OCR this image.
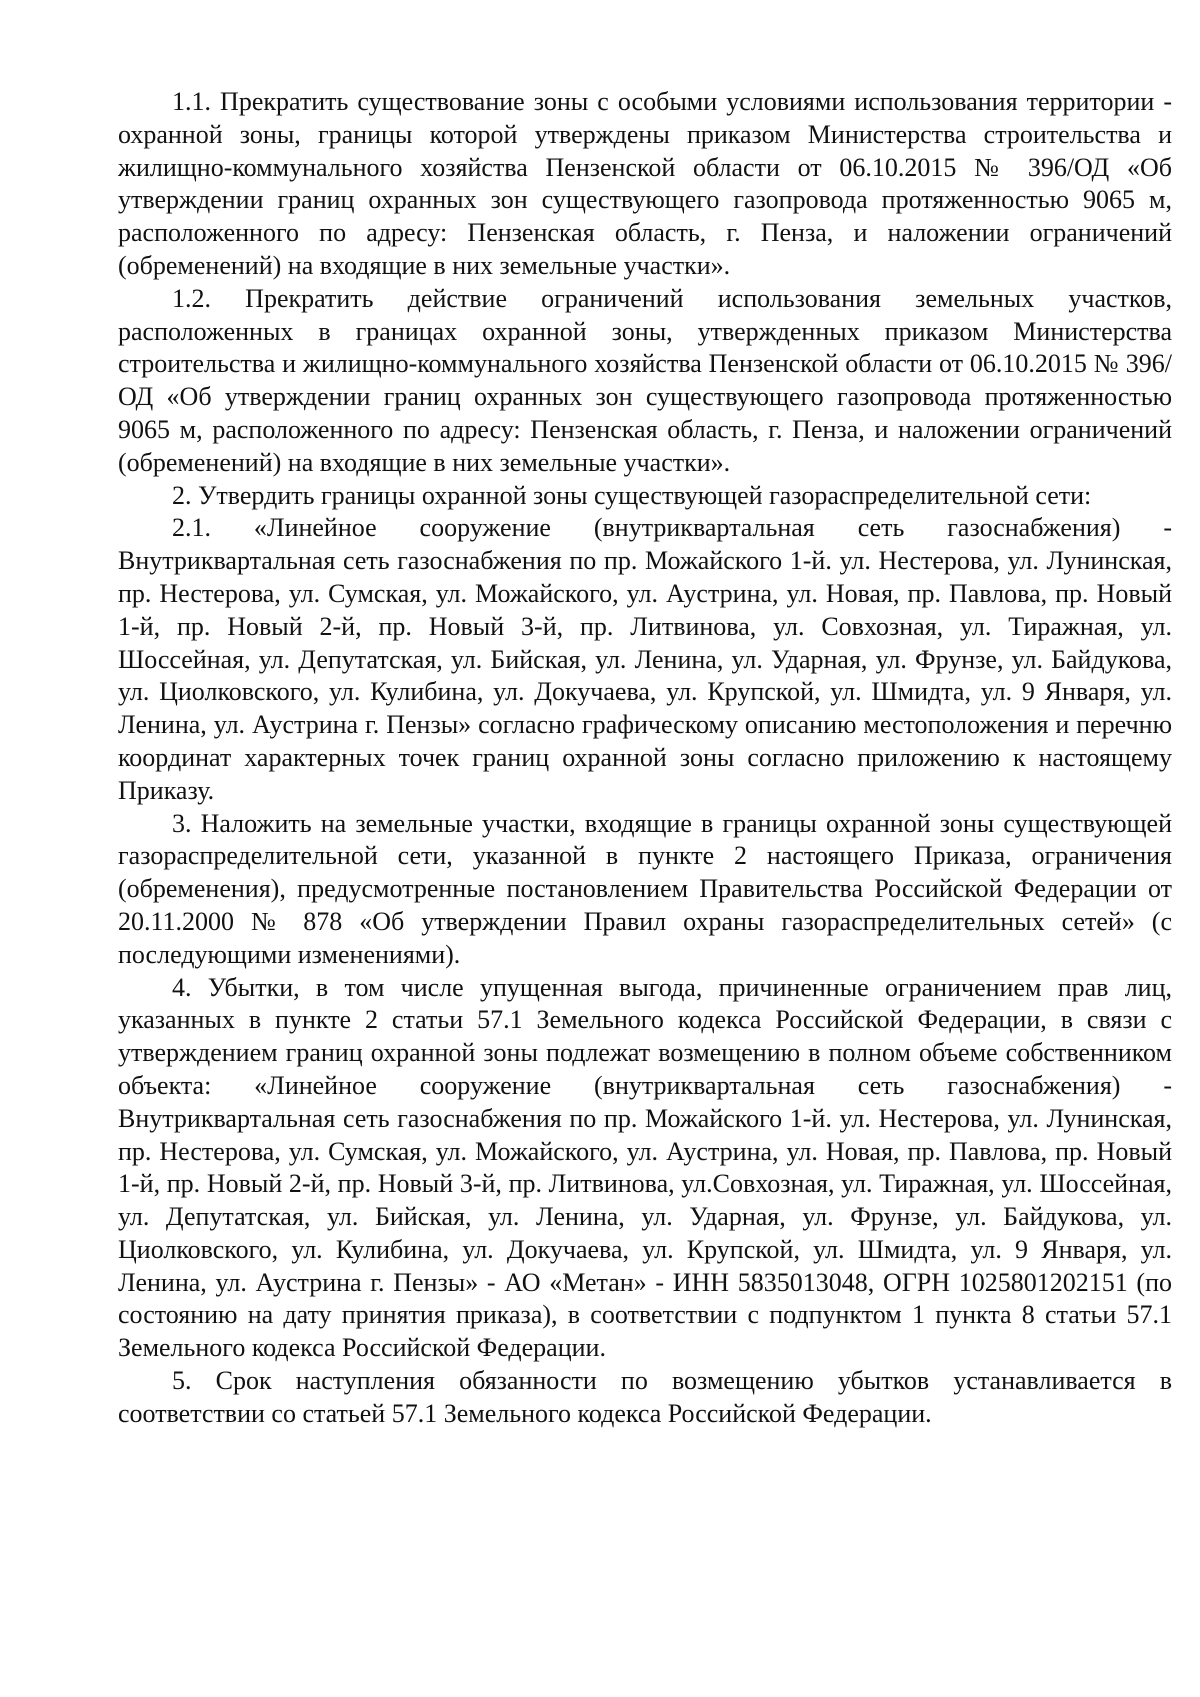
1.1. Прекратить существование зоны с особыми условиями использования территории - охранной зоны, границы которой утверждены приказом Министерства строительства и жилищно-коммунального хозяйства Пензенской области от 06.10.2015 № 396/ОД «Об утверждении границ охранных зон существующего газопровода протяженностью 9065 м, расположенного по адресу: Пензенская область, г. Пенза, и наложении ограничений (обременений) на входящие в них земельные участки».

1.2. Прекратить действие ограничений использования земельных участков, расположенных в границах охранной зоны, утвержденных приказом Министерства строительства и жилищно-коммунального хозяйства Пензенской области от 06.10.2015 № 396/ОД «Об утверждении границ охранных зон существующего газопровода протяженностью 9065 м, расположенного по адресу: Пензенская область, г. Пенза, и наложении ограничений (обременений) на входящие в них земельные участки».

2. Утвердить границы охранной зоны существующей газораспределительной сети:

2.1. «Линейное сооружение (внутриквартальная сеть газоснабжения) - Внутриквартальная сеть газоснабжения по пр. Можайского 1-й. ул. Нестерова, ул. Лунинская, пр. Нестерова, ул. Сумская, ул. Можайского, ул. Аустрина, ул. Новая, пр. Павлова, пр. Новый 1-й, пр. Новый 2-й, пр. Новый 3-й, пр. Литвинова, ул. Совхозная, ул. Тиражная, ул. Шоссейная, ул. Депутатская, ул. Бийская, ул. Ленина, ул. Ударная, ул. Фрунзе, ул. Байдукова, ул. Циолковского, ул. Кулибина, ул. Докучаева, ул. Крупской, ул. Шмидта, ул. 9 Января, ул. Ленина, ул. Аустрина г. Пензы» согласно графическому описанию местоположения и перечню координат характерных точек границ охранной зоны согласно приложению к настоящему Приказу.

3. Наложить на земельные участки, входящие в границы охранной зоны существующей газораспределительной сети, указанной в пункте 2 настоящего Приказа, ограничения (обременения), предусмотренные постановлением Правительства Российской Федерации от 20.11.2000 № 878 «Об утверждении Правил охраны газораспределительных сетей» (с последующими изменениями).

4. Убытки, в том числе упущенная выгода, причиненные ограничением прав лиц, указанных в пункте 2 статьи 57.1 Земельного кодекса Российской Федерации, в связи с утверждением границ охранной зоны подлежат возмещению в полном объеме собственником объекта: «Линейное сооружение (внутриквартальная сеть газоснабжения) - Внутриквартальная сеть газоснабжения по пр. Можайского 1-й. ул. Нестерова, ул. Лунинская, пр. Нестерова, ул. Сумская, ул. Можайского, ул. Аустрина, ул. Новая, пр. Павлова, пр. Новый 1-й, пр. Новый 2-й, пр. Новый 3-й, пр. Литвинова, ул.Совхозная, ул. Тиражная, ул. Шоссейная, ул. Депутатская, ул. Бийская, ул. Ленина, ул. Ударная, ул. Фрунзе, ул. Байдукова, ул. Циолковского, ул. Кулибина, ул. Докучаева, ул. Крупской, ул. Шмидта, ул. 9 Января, ул. Ленина, ул. Аустрина г. Пензы» - АО «Метан» - ИНН 5835013048, ОГРН 1025801202151 (по состоянию на дату принятия приказа), в соответствии с подпунктом 1 пункта 8 статьи 57.1 Земельного кодекса Российской Федерации.

5. Срок наступления обязанности по возмещению убытков устанавливается в соответствии со статьей 57.1 Земельного кодекса Российской Федерации.
